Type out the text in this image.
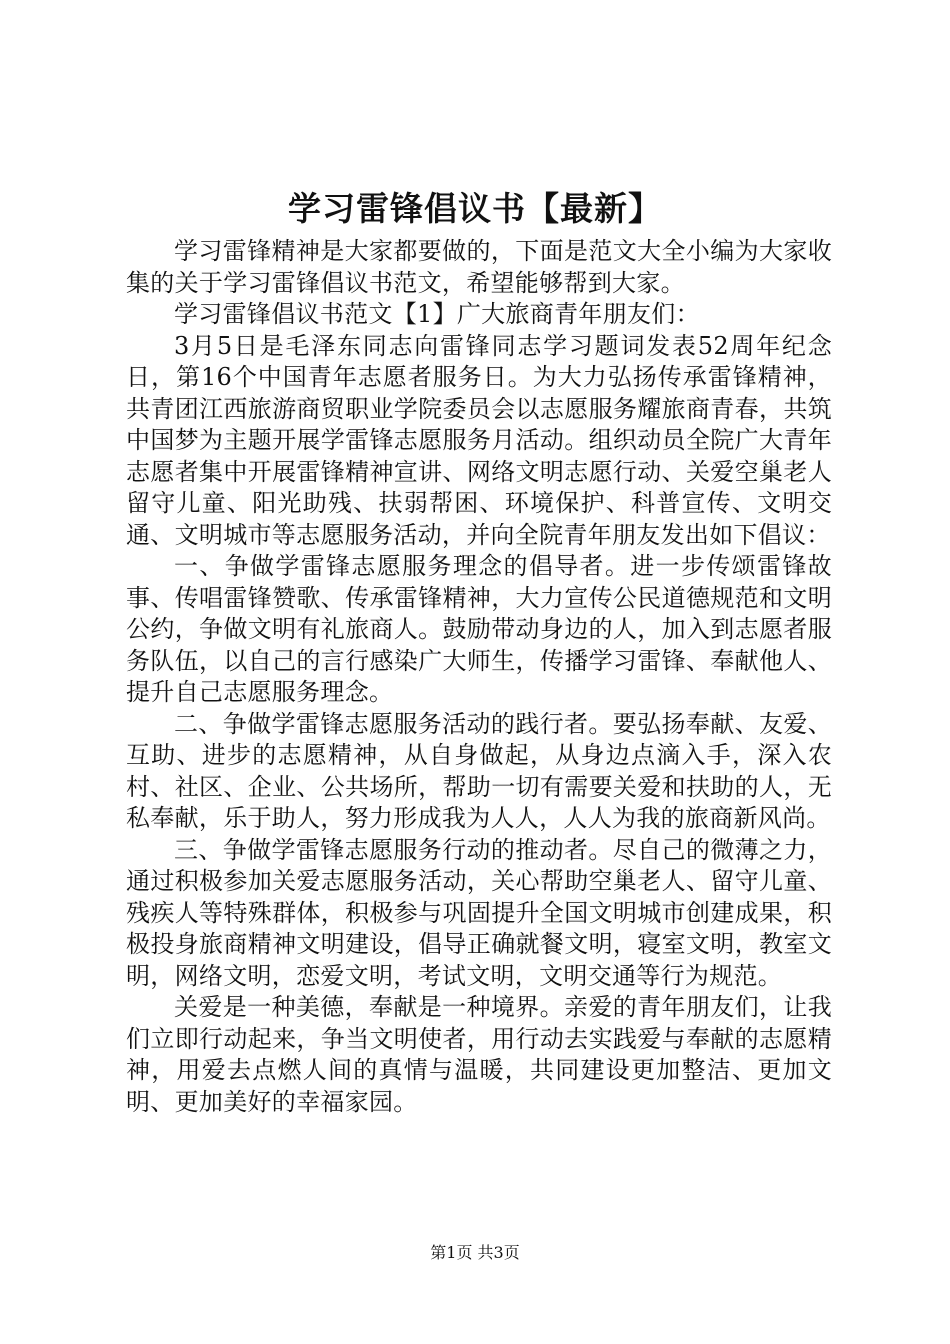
学习雷锋倡议书【最新】

学习雷锋精神是大家都要做的，下面是范文大全小编为大家收集的关于学习雷锋倡议书范文，希望能够帮到大家。

学习雷锋倡议书范文【1】广大旅商青年朋友们：

3月5日是毛泽东同志向雷锋同志学习题词发表52周年纪念日，第16个中国青年志愿者服务日。为大力弘扬传承雷锋精神，共青团江西旅游商贸职业学院委员会以志愿服务耀旅商青春，共筑中国梦为主题开展学雷锋志愿服务月活动。组织动员全院广大青年志愿者集中开展雷锋精神宣讲、网络文明志愿行动、关爱空巢老人留守儿童、阳光助残、扶弱帮困、环境保护、科普宣传、文明交通、文明城市等志愿服务活动，并向全院青年朋友发出如下倡议：

一、争做学雷锋志愿服务理念的倡导者。进一步传颂雷锋故事、传唱雷锋赞歌、传承雷锋精神，大力宣传公民道德规范和文明公约，争做文明有礼旅商人。鼓励带动身边的人，加入到志愿者服务队伍，以自己的言行感染广大师生，传播学习雷锋、奉献他人、提升自己志愿服务理念。

二、争做学雷锋志愿服务活动的践行者。要弘扬奉献、友爱、互助、进步的志愿精神，从自身做起，从身边点滴入手，深入农村、社区、企业、公共场所，帮助一切有需要关爱和扶助的人，无私奉献，乐于助人，努力形成我为人人，人人为我的旅商新风尚。

三、争做学雷锋志愿服务行动的推动者。尽自己的微薄之力，通过积极参加关爱志愿服务活动，关心帮助空巢老人、留守儿童、残疾人等特殊群体，积极参与巩固提升全国文明城市创建成果，积极投身旅商精神文明建设，倡导正确就餐文明，寝室文明，教室文明，网络文明，恋爱文明，考试文明，文明交通等行为规范。

关爱是一种美德，奉献是一种境界。亲爱的青年朋友们，让我们立即行动起来，争当文明使者，用行动去实践爱与奉献的志愿精神，用爱去点燃人间的真情与温暖，共同建设更加整洁、更加文明、更加美好的幸福家园。

第1页 共3页
